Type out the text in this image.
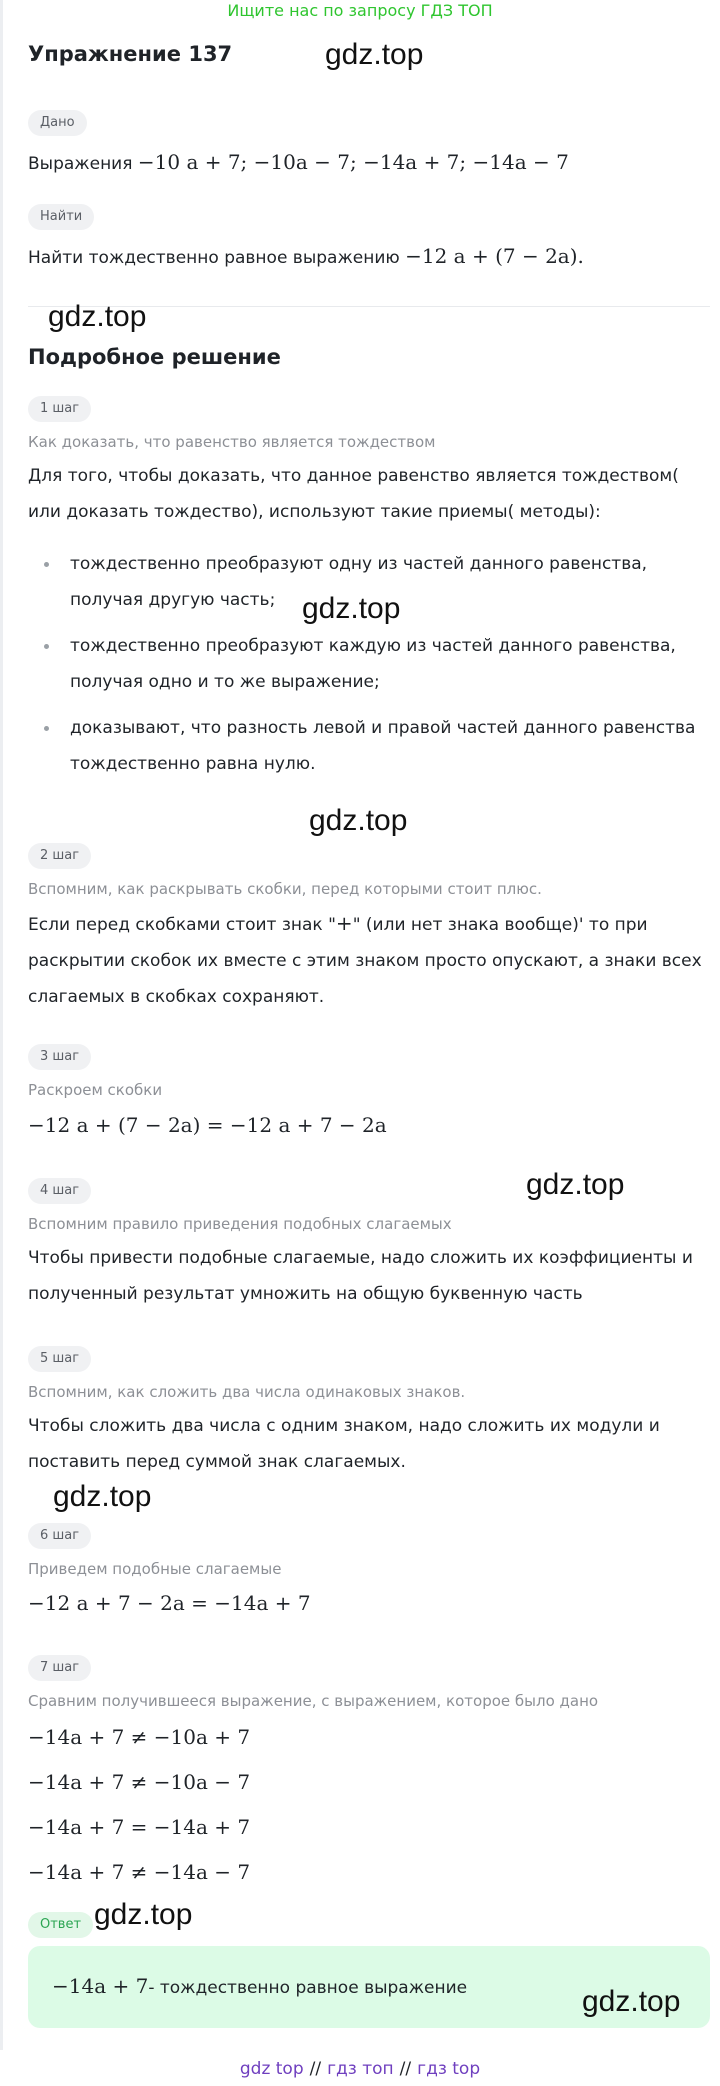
Ищите нас по запросу ГДЗ ТОП
Упражнение 137
Дано
Выражения −10 a + 7; −10a − 7; −14a + 7; −14a − 7
Найти
Найти тождественно равное выражению −12 a + (7 − 2a).
Подробное решение
1 шаг
Как доказать, что равенство является тождеством
Для того, чтобы доказать, что данное равенство является тождеством( или доказать тождество), используют такие приемы( методы):
тождественно преобразуют одну из частей данного равенства, получая другую часть;
тождественно преобразуют каждую из частей данного равенства, получая одно и то же выражение;
доказывают, что разность левой и правой частей данного равенства тождественно равна нулю.
2 шаг
Вспомним, как раскрывать скобки, перед которыми стоит плюс.
Если перед скобками стоит знак "+" (или нет знака вообще)' то при раскрытии скобок их вместе с этим знаком просто опускают, а знаки всех слагаемых в скобках сохраняют.
3 шаг
Раскроем скобки
−12 a + (7 − 2a) = −12 a + 7 − 2a
4 шаг
Вспомним правило приведения подобных слагаемых
Чтобы привести подобные слагаемые, надо сложить их коэффициенты и полученный результат умножить на общую буквенную часть
5 шаг
Вспомним, как сложить два числа одинаковых знаков.
Чтобы сложить два числа с одним знаком, надо сложить их модули и поставить перед суммой знак слагаемых.
6 шаг
Приведем подобные слагаемые
−12 a + 7 − 2a = −14a + 7
7 шаг
Сравним получившееся выражение, с выражением, которое было дано
−14a + 7 ≠ −10a + 7
−14a + 7 ≠ −10a − 7
−14a + 7 = −14a + 7
−14a + 7 ≠ −14a − 7
Ответ
−14a + 7- тождественно равное выражение
gdz.top
gdz.top
gdz.top
gdz.top
gdz.top
gdz.top
gdz.top
gdz.top
gdz top // гдз топ // гдз top
